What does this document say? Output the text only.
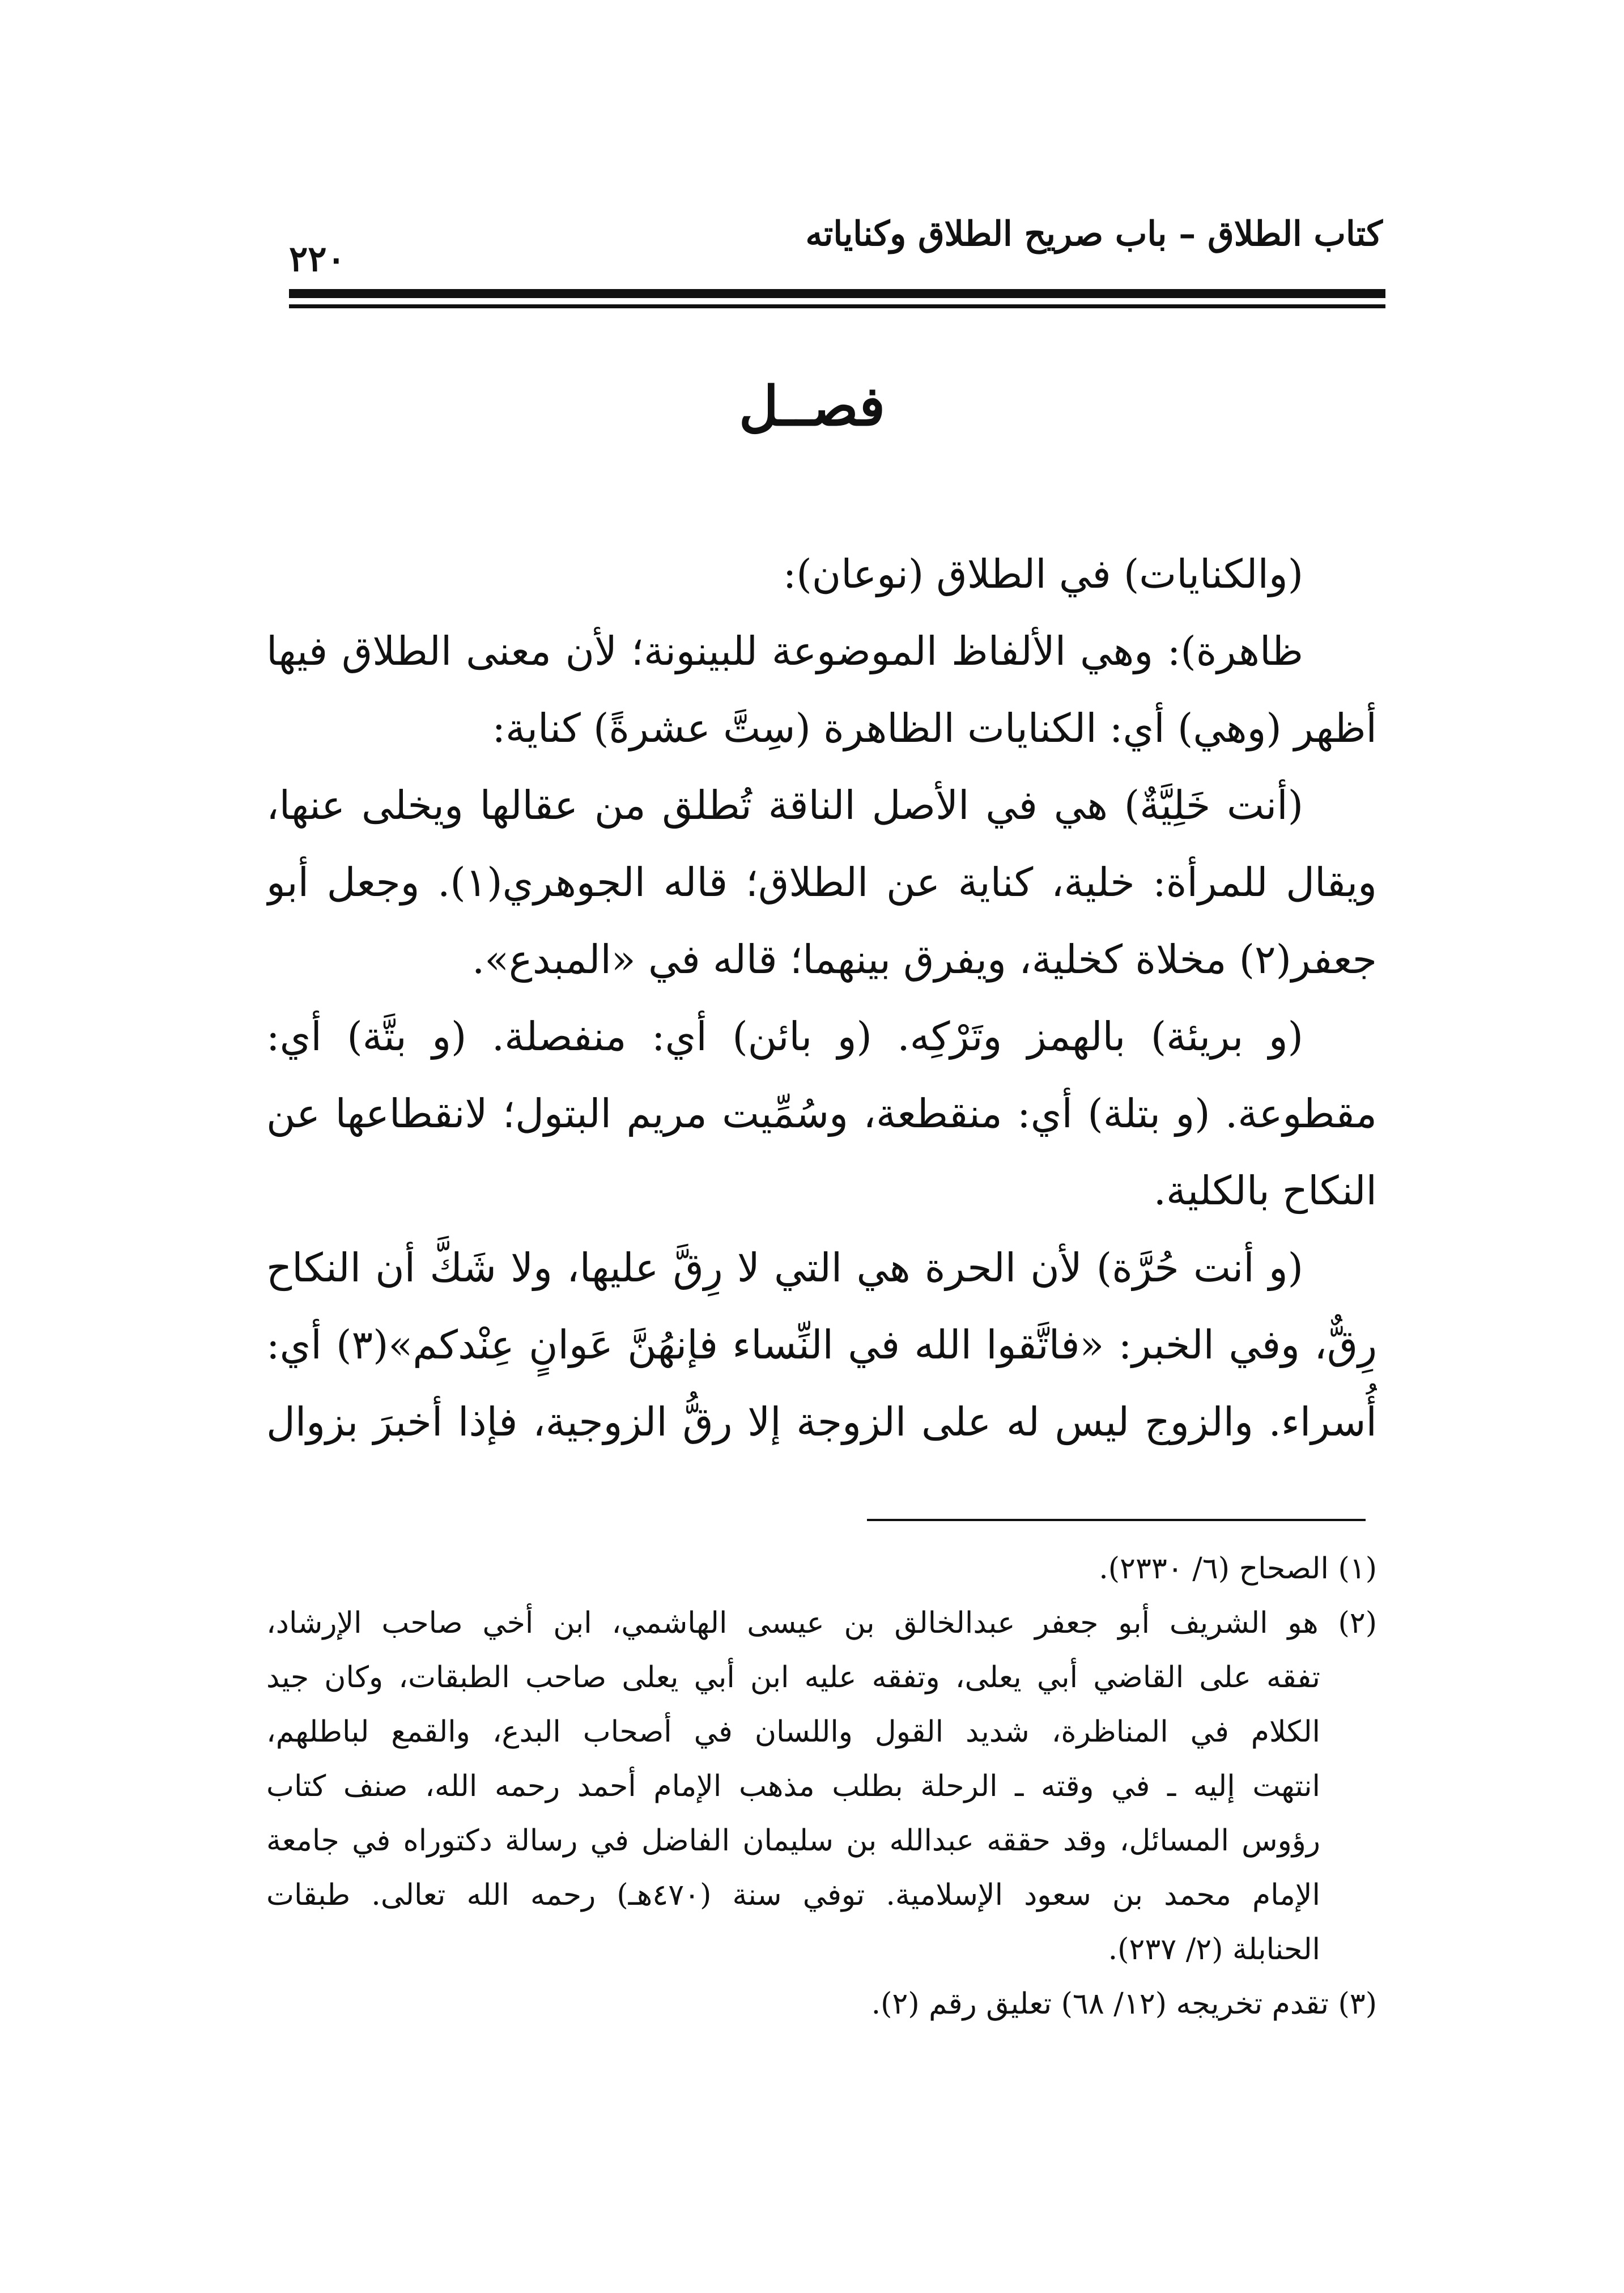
كتاب الطلاق – باب صريح الطلاق وكناياته
٢٢٠
فصــل
(والكنايات) في الطلاق (نوعان):
ظاهرة): وهي الألفاظ الموضوعة للبينونة؛ لأن معنى الطلاق فيها
أظهر (وهي) أي: الكنايات الظاهرة (سِتَّ عشرةً) كناية:
(أنت خَلِيَّةٌ) هي في الأصل الناقة تُطلق من عقالها ويخلى عنها،
ويقال للمرأة: خلية، كناية عن الطلاق؛ قاله الجوهري(١). وجعل أبو
جعفر(٢) مخلاة كخلية، ويفرق بينهما؛ قاله في «المبدع».
(و بريئة) بالهمز وتَرْكِه. (و بائن) أي: منفصلة. (و بتَّة) أي:
مقطوعة. (و بتلة) أي: منقطعة، وسُمِّيت مريم البتول؛ لانقطاعها عن
النكاح بالكلية.
(و أنت حُرَّة) لأن الحرة هي التي لا رِقَّ عليها، ولا شَكَّ أن النكاح
رِقٌّ، وفي الخبر: «فاتَّقوا الله في النِّساء فإنهُنَّ عَوانٍ عِنْدكم»(٣) أي:
أُسراء. والزوج ليس له على الزوجة إلا رقُّ الزوجية، فإذا أخبرَ بزوال
(١) الصحاح (٦/ ٢٣٣٠).
(٢) هو الشريف أبو جعفر عبدالخالق بن عيسى الهاشمي، ابن أخي صاحب الإرشاد،
تفقه على القاضي أبي يعلى، وتفقه عليه ابن أبي يعلى صاحب الطبقات، وكان جيد
الكلام في المناظرة، شديد القول واللسان في أصحاب البدع، والقمع لباطلهم،
انتهت إليه ـ في وقته ـ الرحلة بطلب مذهب الإمام أحمد رحمه الله، صنف كتاب
رؤوس المسائل، وقد حققه عبدالله بن سليمان الفاضل في رسالة دكتوراه في جامعة
الإمام محمد بن سعود الإسلامية. توفي سنة (٤٧٠هـ) رحمه الله تعالى. طبقات
الحنابلة (٢/ ٢٣٧).
(٣) تقدم تخريجه (١٢/ ٦٨) تعليق رقم (٢).
